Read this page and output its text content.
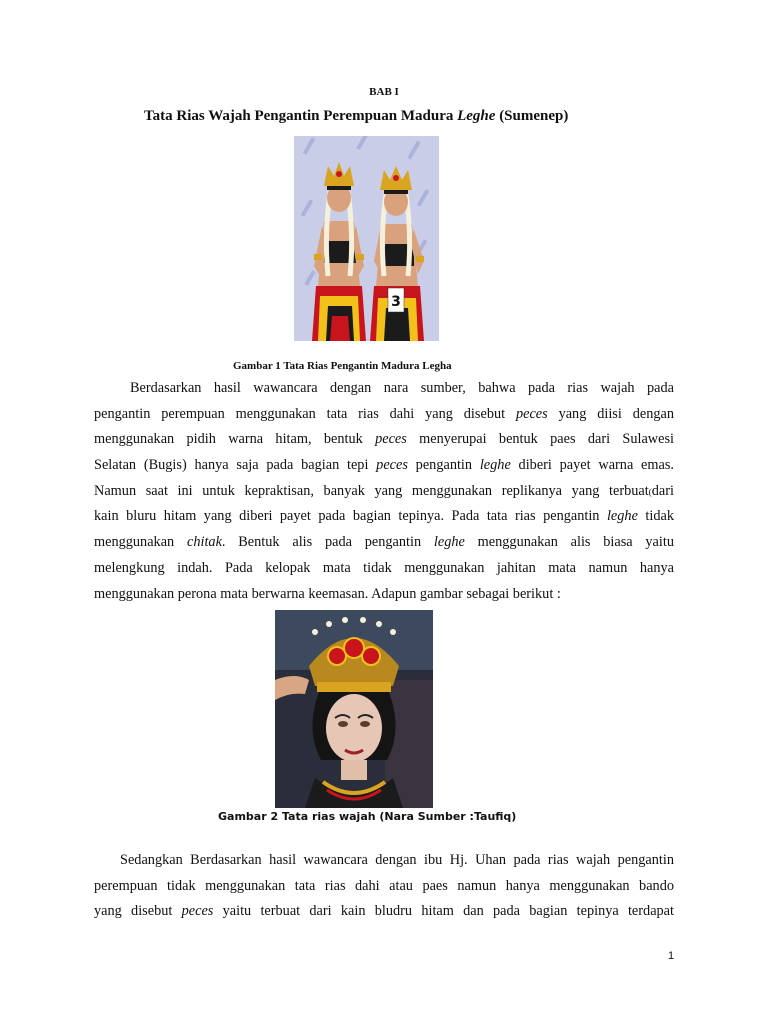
BAB I
Tata Rias Wajah Pengantin Perempuan Madura Leghe (Sumenep)
3
Gambar 1 Tata Rias Pengantin Madura Legha
Berdasarkan hasil wawancara dengan nara sumber, bahwa pada rias wajah pada
pengantin perempuan menggunakan tata rias dahi yang disebut peces yang diisi dengan
menggunakan pidih warna hitam, bentuk peces menyerupai bentuk paes dari Sulawesi
Selatan (Bugis) hanya saja pada bagian tepi peces pengantin leghe diberi payet warna emas.
Namun saat ini untuk kepraktisan, banyak yang menggunakan replikanya yang terbuat(dari
kain bluru hitam yang diberi payet pada bagian tepinya. Pada tata rias pengantin leghe tidak
menggunakan chitak. Bentuk alis pada pengantin leghe menggunakan alis biasa yaitu
melengkung indah. Pada kelopak mata tidak menggunakan jahitan mata namun hanya
menggunakan perona mata berwarna keemasan. Adapun gambar sebagai berikut :
Gambar 2 Tata rias wajah (Nara Sumber :Taufiq)
Sedangkan Berdasarkan hasil wawancara dengan ibu Hj. Uhan pada rias wajah pengantin
perempuan tidak menggunakan tata rias dahi atau paes namun hanya menggunakan bando
yang disebut peces yaitu terbuat dari kain bludru hitam dan pada bagian tepinya terdapat
1
